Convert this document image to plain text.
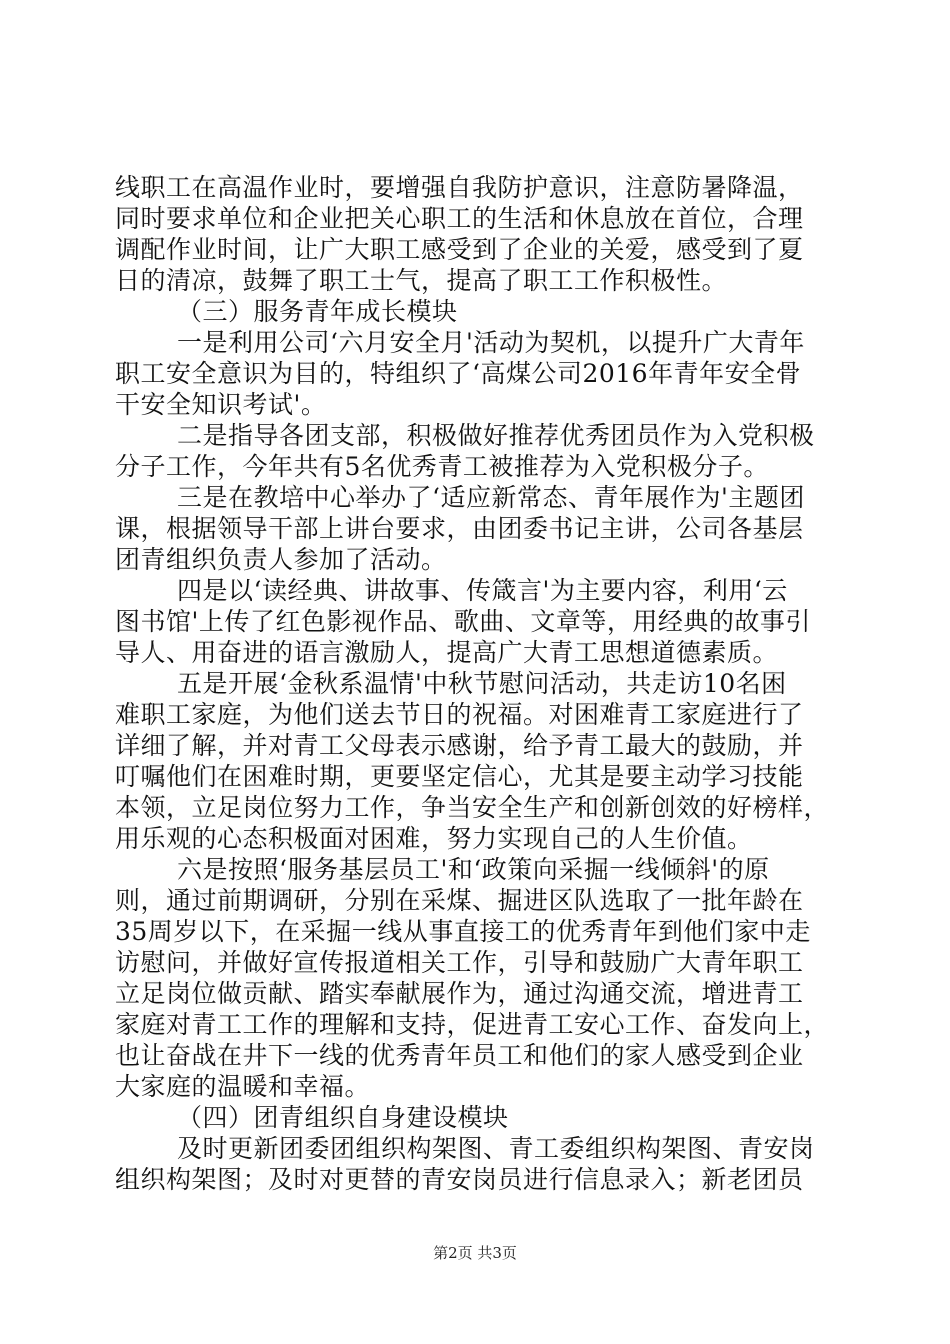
线职工在高温作业时，要增强自我防护意识，注意防暑降温，
同时要求单位和企业把关心职工的生活和休息放在首位，合理
调配作业时间，让广大职工感受到了企业的关爱，感受到了夏
日的清凉，鼓舞了职工士气，提高了职工工作积极性。
（三）服务青年成长模块
一是利用公司‘六月安全月'活动为契机，以提升广大青年
职工安全意识为目的，特组织了‘高煤公司2016年青年安全骨
干安全知识考试'。
二是指导各团支部，积极做好推荐优秀团员作为入党积极
分子工作，今年共有5名优秀青工被推荐为入党积极分子。
三是在教培中心举办了‘适应新常态、青年展作为'主题团
课，根据领导干部上讲台要求，由团委书记主讲，公司各基层
团青组织负责人参加了活动。
四是以‘读经典、讲故事、传箴言'为主要内容，利用‘云
图书馆'上传了红色影视作品、歌曲、文章等，用经典的故事引
导人、用奋进的语言激励人，提高广大青工思想道德素质。
五是开展‘金秋系温情'中秋节慰问活动，共走访10名困
难职工家庭，为他们送去节日的祝福。对困难青工家庭进行了
详细了解，并对青工父母表示感谢，给予青工最大的鼓励，并
叮嘱他们在困难时期，更要坚定信心，尤其是要主动学习技能
本领，立足岗位努力工作，争当安全生产和创新创效的好榜样，
用乐观的心态积极面对困难，努力实现自己的人生价值。
六是按照‘服务基层员工'和‘政策向采掘一线倾斜'的原
则，通过前期调研，分别在采煤、掘进区队选取了一批年龄在
35周岁以下，在采掘一线从事直接工的优秀青年到他们家中走
访慰问，并做好宣传报道相关工作，引导和鼓励广大青年职工
立足岗位做贡献、踏实奉献展作为，通过沟通交流，增进青工
家庭对青工工作的理解和支持，促进青工安心工作、奋发向上，
也让奋战在井下一线的优秀青年员工和他们的家人感受到企业
大家庭的温暖和幸福。
（四）团青组织自身建设模块
及时更新团委团组织构架图、青工委组织构架图、青安岗
组织构架图；及时对更替的青安岗员进行信息录入；新老团员
第2页 共3页
